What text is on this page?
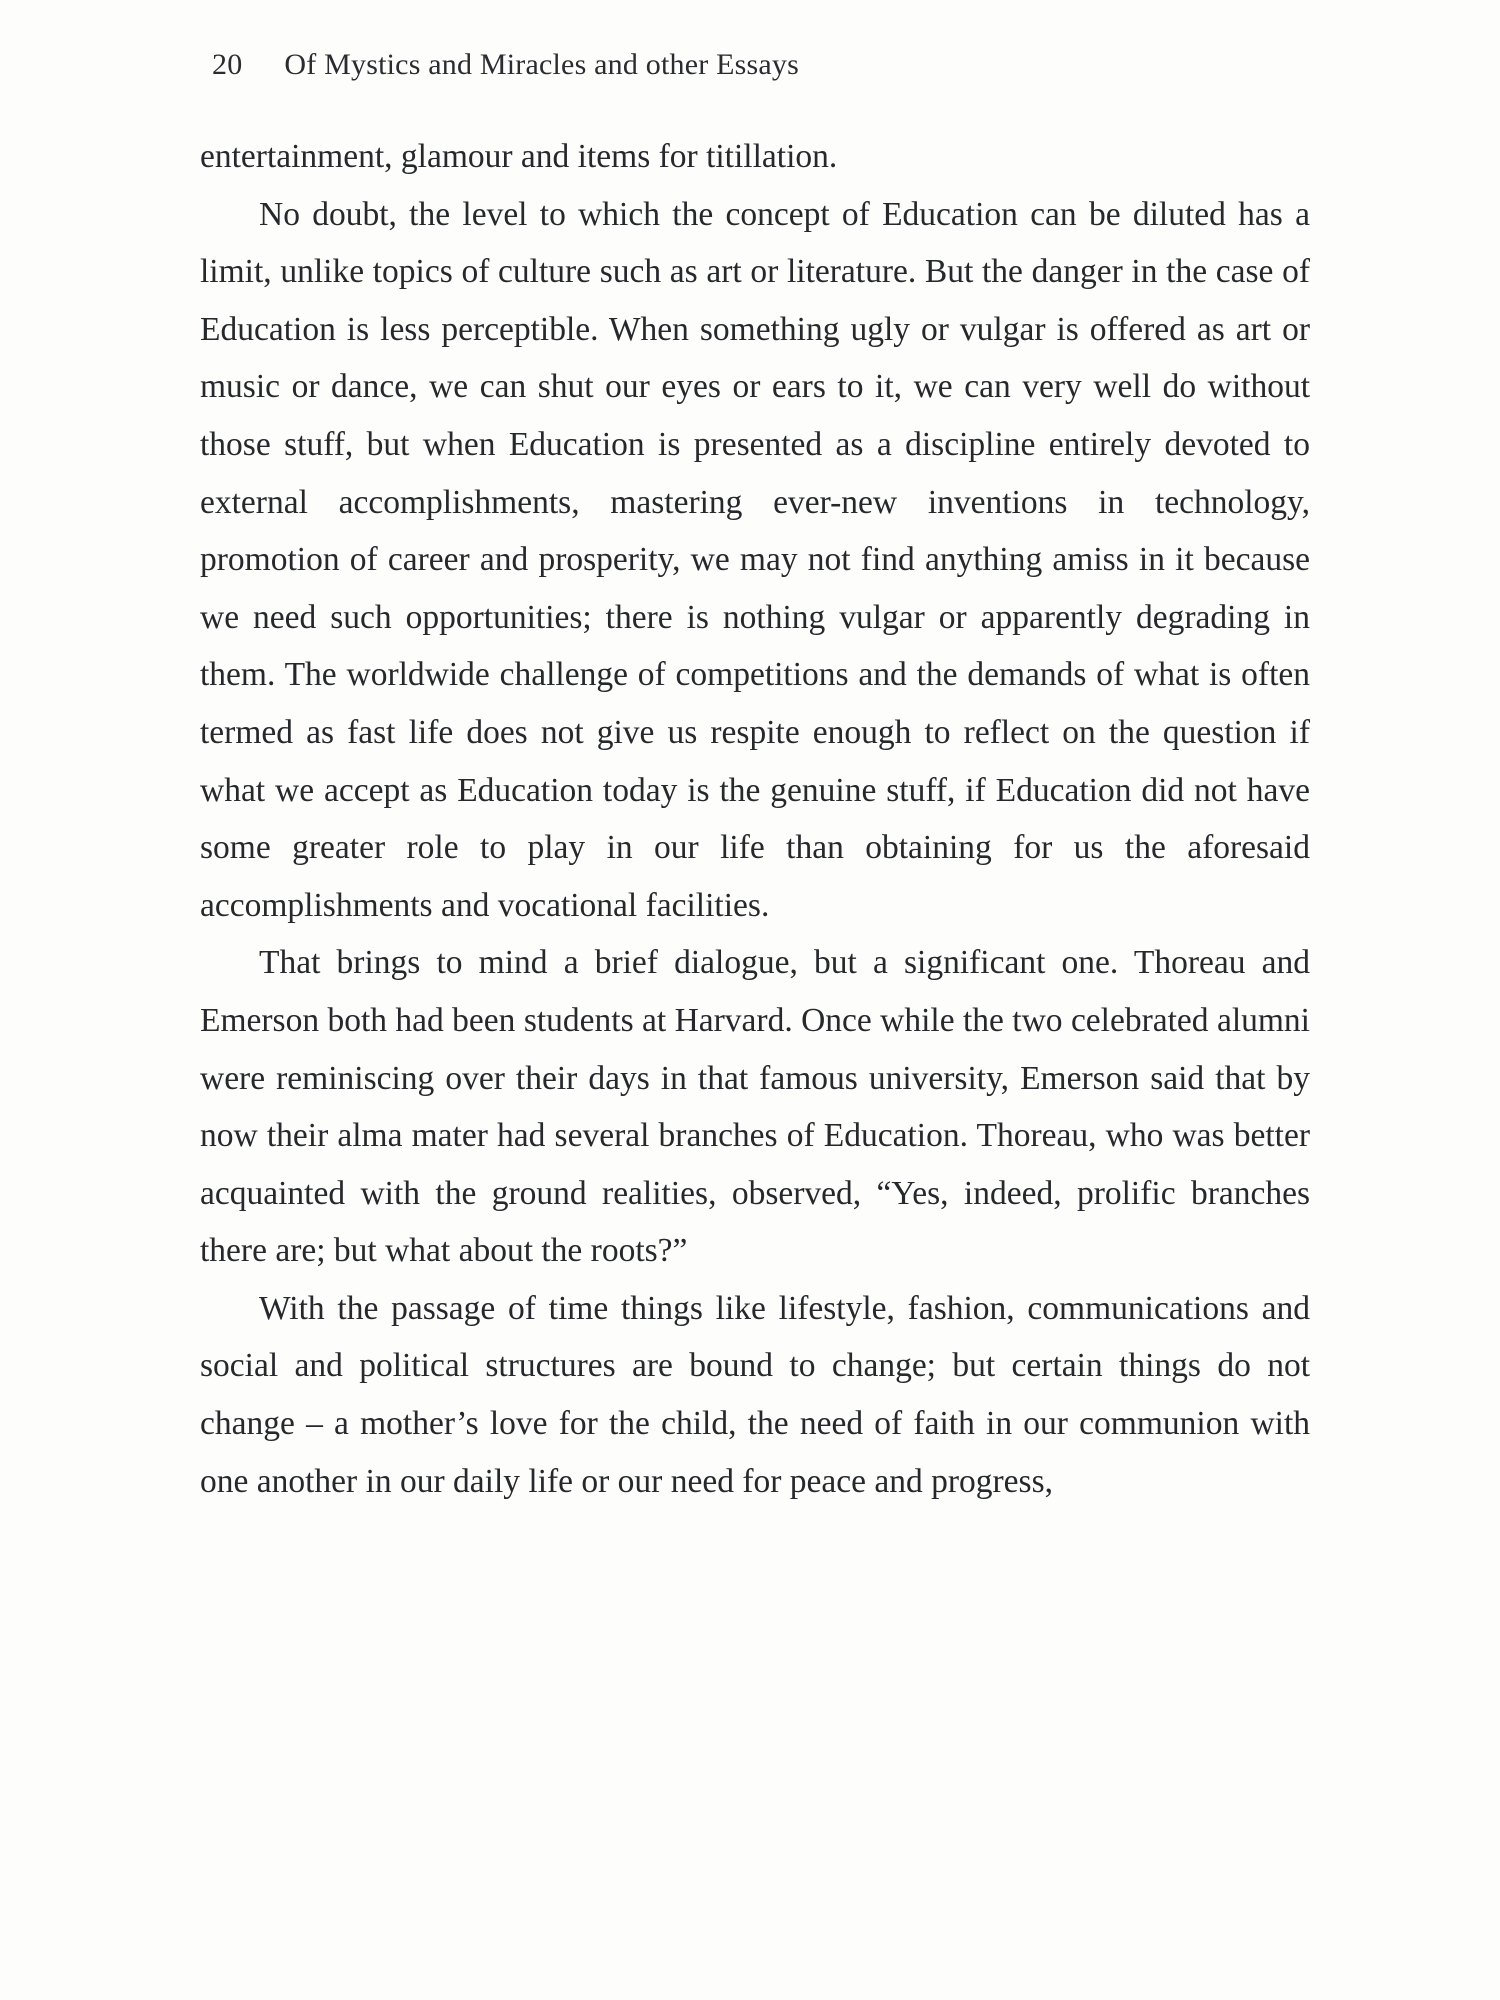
20 Of Mystics and Miracles and other Essays

entertainment, glamour and items for titillation.

No doubt, the level to which the concept of Education can be diluted has a limit, unlike topics of culture such as art or literature. But the danger in the case of Education is less perceptible. When something ugly or vulgar is offered as art or music or dance, we can shut our eyes or ears to it, we can very well do without those stuff, but when Education is presented as a discipline entirely devoted to external accomplishments, mastering ever-new inventions in technology, promotion of career and prosperity, we may not find anything amiss in it because we need such opportunities; there is nothing vulgar or apparently degrading in them. The worldwide challenge of competitions and the demands of what is often termed as fast life does not give us respite enough to reflect on the question if what we accept as Education today is the genuine stuff, if Education did not have some greater role to play in our life than obtaining for us the aforesaid accomplishments and vocational facilities.

That brings to mind a brief dialogue, but a significant one. Thoreau and Emerson both had been students at Harvard. Once while the two celebrated alumni were reminiscing over their days in that famous university, Emerson said that by now their alma mater had several branches of Education. Thoreau, who was better acquainted with the ground realities, observed, “Yes, indeed, prolific branches there are; but what about the roots?”

With the passage of time things like lifestyle, fashion, communications and social and political structures are bound to change; but certain things do not change – a mother’s love for the child, the need of faith in our communion with one another in our daily life or our need for peace and progress,
